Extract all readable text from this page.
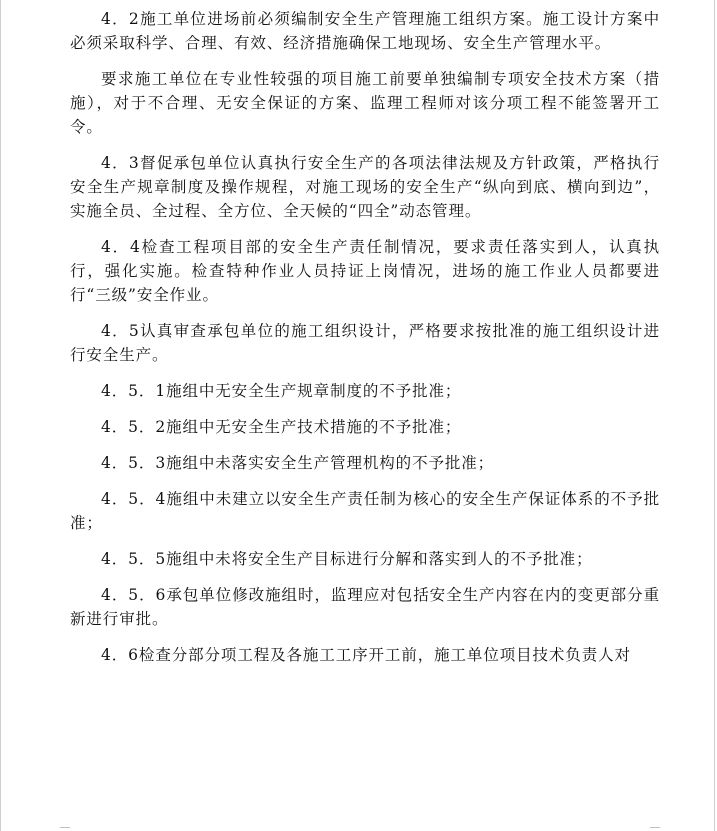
4．2施工单位进场前必须编制安全生产管理施工组织方案。施工设计方案中必须采取科学、合理、有效、经济措施确保工地现场、安全生产管理水平。

要求施工单位在专业性较强的项目施工前要单独编制专项安全技术方案（措施），对于不合理、无安全保证的方案、监理工程师对该分项工程不能签署开工令。

4．3督促承包单位认真执行安全生产的各项法律法规及方针政策，严格执行安全生产规章制度及操作规程，对施工现场的安全生产“纵向到底、横向到边”，实施全员、全过程、全方位、全天候的“四全”动态管理。

4．4检查工程项目部的安全生产责任制情况，要求责任落实到人，认真执行，强化实施。检查特种作业人员持证上岗情况，进场的施工作业人员都要进行“三级”安全作业。

4．5认真审查承包单位的施工组织设计，严格要求按批准的施工组织设计进行安全生产。

4．5．1施组中无安全生产规章制度的不予批准；

4．5．2施组中无安全生产技术措施的不予批准；

4．5．3施组中未落实安全生产管理机构的不予批准；

4．5．4施组中未建立以安全生产责任制为核心的安全生产保证体系的不予批准；

4．5．5施组中未将安全生产目标进行分解和落实到人的不予批准；

4．5．6承包单位修改施组时，监理应对包括安全生产内容在内的变更部分重新进行审批。

4．6检查分部分项工程及各施工工序开工前，施工单位项目技术负责人对
